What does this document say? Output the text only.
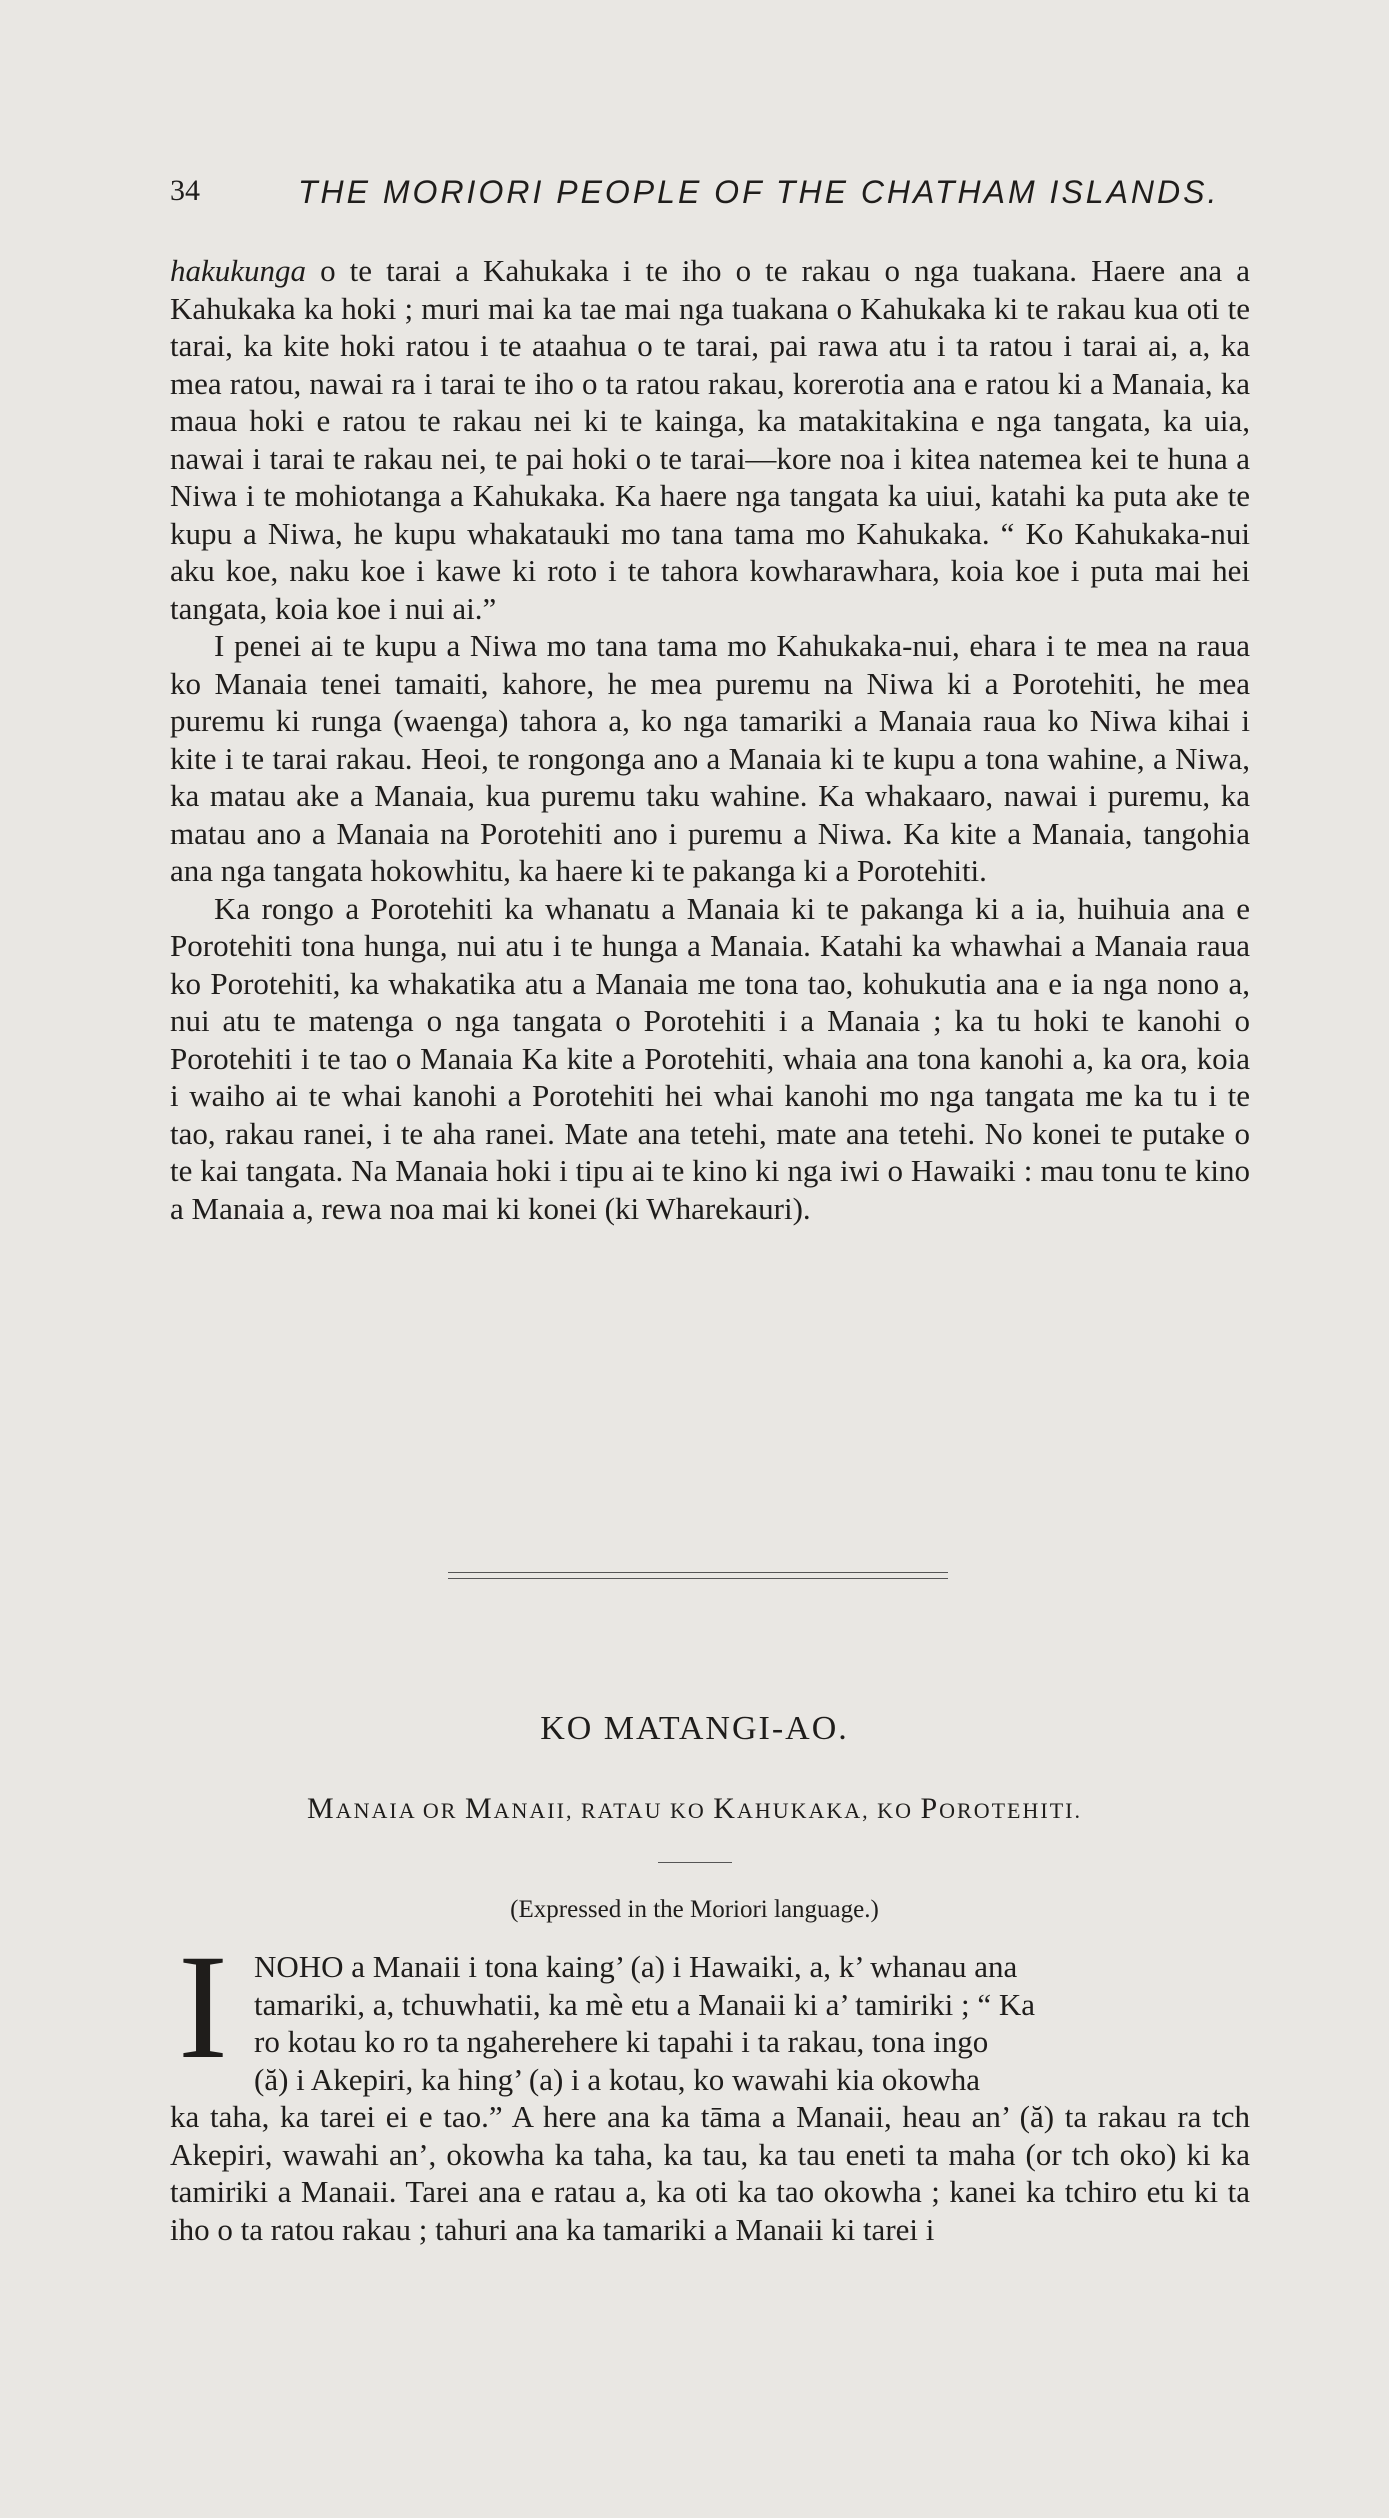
34	THE MORIORI PEOPLE OF THE CHATHAM ISLANDS.

hakukunga o te tarai a Kahukaka i te iho o te rakau o nga tuakana. Haere ana a Kahukaka ka hoki ; muri mai ka tae mai nga tuakana o Kahukaka ki te rakau kua oti te tarai, ka kite hoki ratou i te ataahua o te tarai, pai rawa atu i ta ratou i tarai ai, a, ka mea ratou, nawai ra i tarai te iho o ta ratou rakau, korerotia ana e ratou ki a Manaia, ka maua hoki e ratou te rakau nei ki te kainga, ka matakitakina e nga tangata, ka uia, nawai i tarai te rakau nei, te pai hoki o te tarai—kore noa i kitea natemea kei te huna a Niwa i te mohiotanga a Kahukaka. Ka haere nga tangata ka uiui, katahi ka puta ake te kupu a Niwa, he kupu whakatauki mo tana tama mo Kahukaka. “ Ko Kahukaka-nui aku koe, naku koe i kawe ki roto i te tahora kowharawhara, koia koe i puta mai hei tangata, koia koe i nui ai.”

I penei ai te kupu a Niwa mo tana tama mo Kahukaka-nui, ehara i te mea na raua ko Manaia tenei tamaiti, kahore, he mea puremu na Niwa ki a Porotehiti, he mea puremu ki runga (waenga) tahora a, ko nga tamariki a Manaia raua ko Niwa kihai i kite i te tarai rakau. Heoi, te rongonga ano a Manaia ki te kupu a tona wahine, a Niwa, ka matau ake a Manaia, kua puremu taku wahine. Ka whakaaro, nawai i puremu, ka matau ano a Manaia na Porotehiti ano i puremu a Niwa. Ka kite a Manaia, tangohia ana nga tangata hokowhitu, ka haere ki te pakanga ki a Porotehiti.

Ka rongo a Porotehiti ka whanatu a Manaia ki te pakanga ki a ia, huihuia ana e Porotehiti tona hunga, nui atu i te hunga a Manaia. Katahi ka whawhai a Manaia raua ko Porotehiti, ka whakatika atu a Manaia me tona tao, kohukutia ana e ia nga nono a, nui atu te matenga o nga tangata o Porotehiti i a Manaia ; ka tu hoki te kanohi o Porotehiti i te tao o Manaia Ka kite a Porotehiti, whaia ana tona kanohi a, ka ora, koia i waiho ai te whai kanohi a Porotehiti hei whai kanohi mo nga tangata me ka tu i te tao, rakau ranei, i te aha ranei. Mate ana tetehi, mate ana tetehi. No konei te putake o te kai tangata. Na Manaia hoki i tipu ai te kino ki nga iwi o Hawaiki : mau tonu te kino a Manaia a, rewa noa mai ki konei (ki Wharekauri).

KO MATANGI-AO.
MANAIA OR MANAII, RATAU KO KAHUKAKA, KO POROTEHITI.
(Expressed in the Moriori language.)
I NOHO a Manaii i tona kaing’ (a) i Hawaiki, a, k’ whanau ana
tamariki, a, tchuwhatii, ka mè etu a Manaii ki a’ tamiriki ; “ Ka
ro kotau ko ro ta ngaherehere ki tapahi i ta rakau, tona ingo
(ă) i Akepiri, ka hing’ (a) i a kotau, ko wawahi kia okowha

ka taha, ka tarei ei e tao.” A here ana ka tāma a Manaii, heau an’ (ă) ta rakau ra tch Akepiri, wawahi an’, okowha ka taha, ka tau, ka tau eneti ta maha (or tch oko) ki ka tamiriki a Manaii. Tarei ana e ratau a, ka oti ka tao okowha ; kanei ka tchiro etu ki ta iho o ta ratou rakau ; tahuri ana ka tamariki a Manaii ki tarei i
